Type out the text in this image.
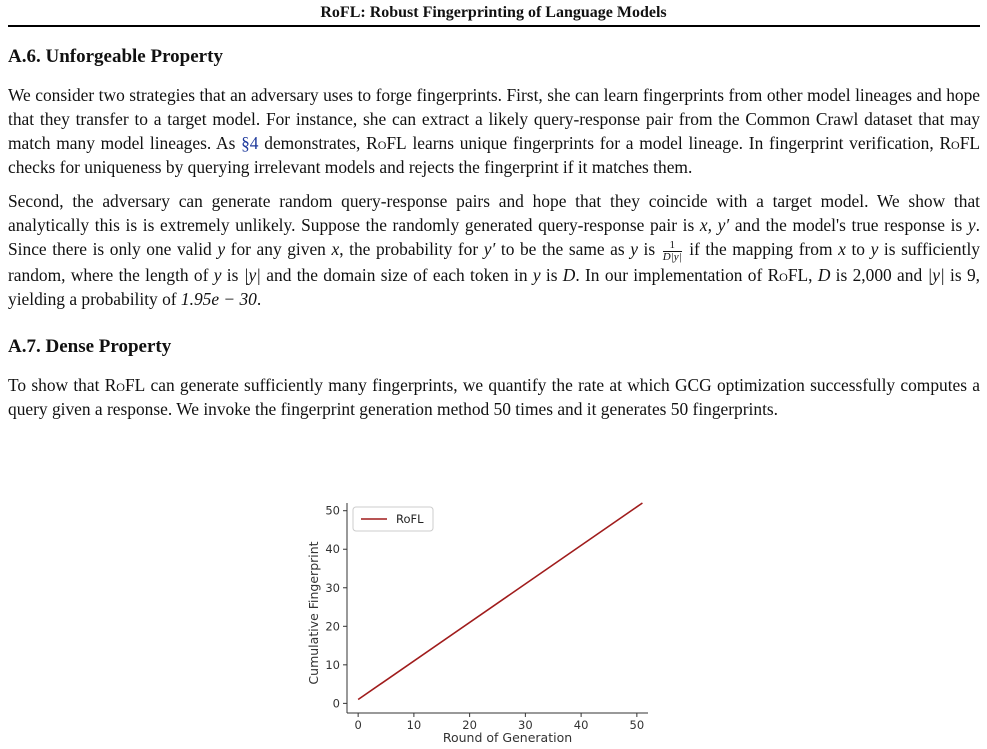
RoFL: Robust Fingerprinting of Language Models
A.6. Unforgeable Property

We consider two strategies that an adversary uses to forge fingerprints. First, she can learn fingerprints from other model lineages and hope that they transfer to a target model. For instance, she can extract a likely query-response pair from the Common Crawl dataset that may match many model lineages. As §4 demonstrates, RoFL learns unique fingerprints for a model lineage. In fingerprint verification, RoFL checks for uniqueness by querying irrelevant models and rejects the fingerprint if it matches them.

Second, the adversary can generate random query-response pairs and hope that they coincide with a target model. We show that analytically this is is extremely unlikely. Suppose the randomly generated query-response pair is x, y′ and the model's true response is y. Since there is only one valid y for any given x, the probability for y′ to be the same as y is $\frac{1}{D|y|}$ if the mapping from x to y is sufficiently random, where the length of y is |y| and the domain size of each token in y is D. In our implementation of RoFL, D is 2,000 and |y| is 9, yielding a probability of 1.95e − 30.

A.7. Dense Property

To show that RoFL can generate sufficiently many fingerprints, we quantify the rate at which GCG optimization successfully computes a query given a response. We invoke the fingerprint generation method 50 times and it generates 50 fingerprints.

0	10	20	30	40	50
0
10
20
30
40
50
Round of Generation
Cumulative Fingerprint
RoFL
